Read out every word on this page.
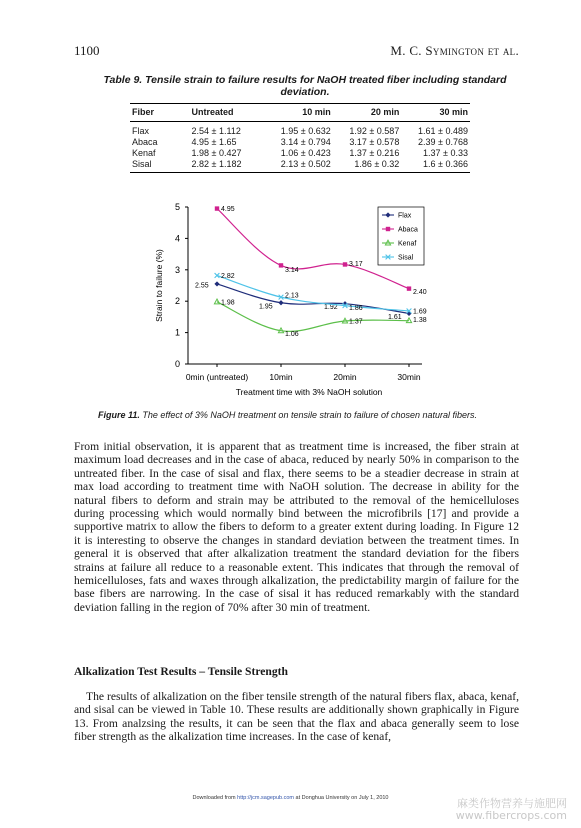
1100	M. C. Symington et al.
Table 9. Tensile strain to failure results for NaOH treated fiber including standard deviation.
Fiber	Untreated	10 min	20 min	30 min
Flax	2.54 ± 1.112	1.95 ± 0.632	1.92 ± 0.587	1.61 ± 0.489
Abaca	4.95 ± 1.65	3.14 ± 0.794	3.17 ± 0.578	2.39 ± 0.768
Kenaf	1.98 ± 0.427	1.06 ± 0.423	1.37 ± 0.216	1.37 ± 0.33
Sisal	2.82 ± 1.182	2.13 ± 0.502	1.86 ± 0.32	1.6 ± 0.366
0
1
2
3
4
5
0min (untreated) 10min	20min	30min
Treatment time with 3% NaOH solution
Strain to failure (%)	2.55
1.95	1.92
1.61
4.95
3.14
3.17
2.40
1.98
1.06
1.37	1.38
2.82
2.13
1.86	1.69
Flax
Abaca
Kenaf
Sisal
Figure 11. The effect of 3% NaOH treatment on tensile strain to failure of chosen natural fibers.
From initial observation, it is apparent that as treatment time is increased, the fiber strain at maximum load decreases and in the case of abaca, reduced by nearly 50% in comparison to the untreated fiber. In the case of sisal and flax, there seems to be a steadier decrease in strain at max load according to treatment time with NaOH solution. The decrease in ability for the natural fibers to deform and strain may be attributed to the removal of the hemicelluloses during processing which would normally bind between the microfibrils [17] and provide a supportive matrix to allow the fibers to deform to a greater extent during loading. In Figure 12 it is interesting to observe the changes in standard deviation between the treatment times. In general it is observed that after alkalization treatment the standard deviation for the fibers strains at failure all reduce to a reasonable extent. This indicates that through the removal of hemicelluloses, fats and waxes through alkalization, the predictability margin of failure for the base fibers are narrowing. In the case of sisal it has reduced remarkably with the standard deviation falling in the region of 70% after 30 min of treatment.
Alkalization Test Results – Tensile Strength
The results of alkalization on the fiber tensile strength of the natural fibers flax, abaca, kenaf, and sisal can be viewed in Table 10. These results are additionally shown graphically in Figure 13. From analzsing the results, it can be seen that the flax and abaca generally seem to lose fiber strength as the alkalization time increases. In the case of kenaf,
Downloaded from http://jcm.sagepub.com at Donghua University on July 1, 2010	麻类作物营养与施肥网
www.fibercrops.com
